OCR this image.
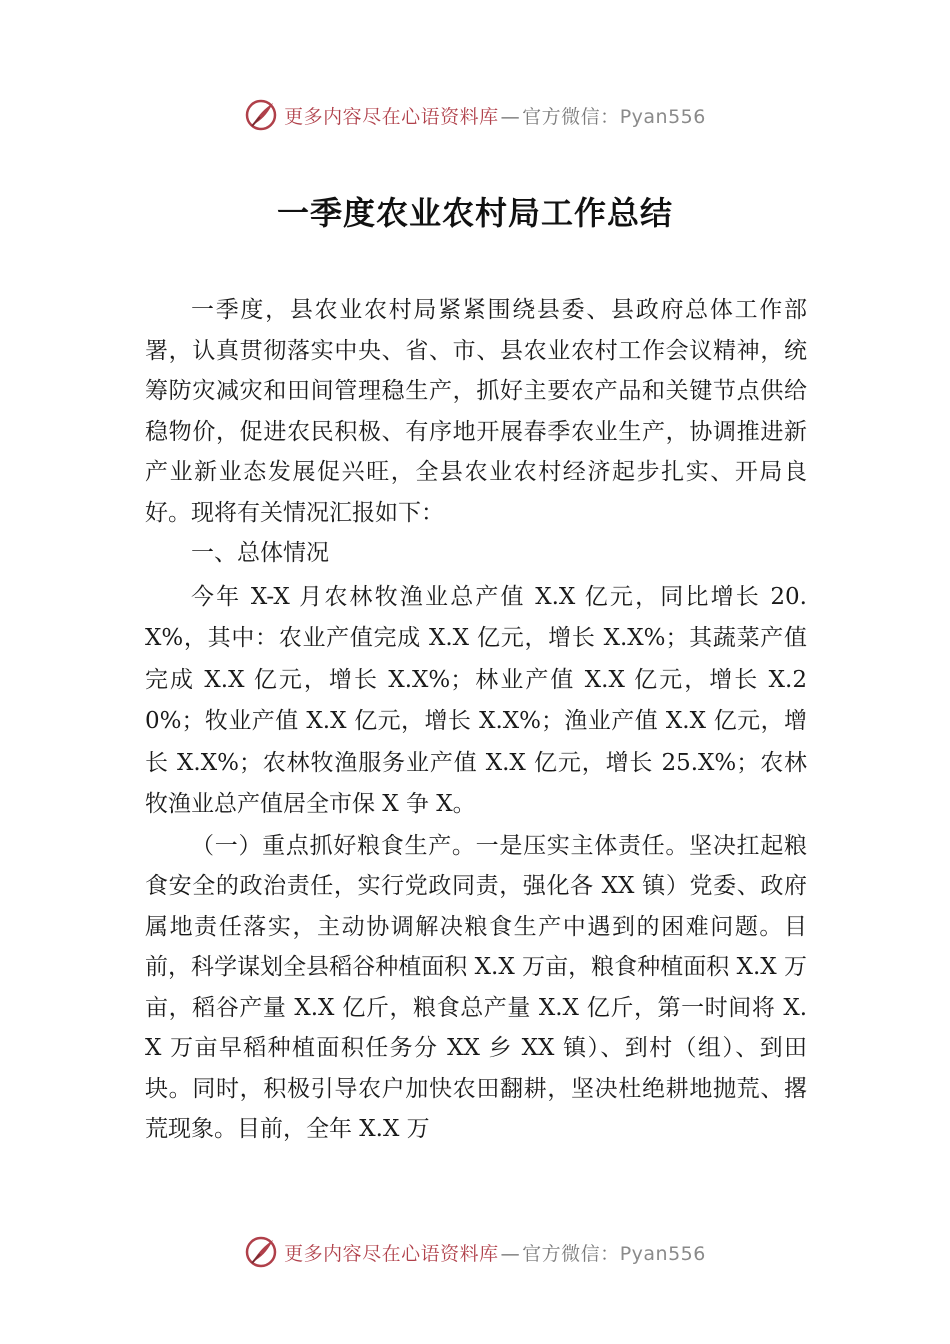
更多内容尽在心语资料库 — 官方微信：Pyan556
一季度农业农村局工作总结

一季度，县农业农村局紧紧围绕县委、县政府总体工作部署，认真贯彻落实中央、省、市、县农业农村工作会议精神，统筹防灾减灾和田间管理稳生产，抓好主要农产品和关键节点供给稳物价，促进农民积极、有序地开展春季农业生产，协调推进新产业新业态发展促兴旺，全县农业农村经济起步扎实、开局良好。现将有关情况汇报如下：

一、总体情况

今年 X-X 月农林牧渔业总产值 X.X 亿元，同比增长 20.X%，其中：农业产值完成 X.X 亿元，增长 X.X%；其蔬菜产值完成 X.X 亿元，增长 X.X%；林业产值 X.X 亿元，增长 X.20%；牧业产值 X.X 亿元，增长 X.X%；渔业产值 X.X 亿元，增长 X.X%；农林牧渔服务业产值 X.X 亿元，增长 25.X%；农林牧渔业总产值居全市保 X 争 X。

（一）重点抓好粮食生产。一是压实主体责任。坚决扛起粮食安全的政治责任，实行党政同责，强化各 XX 镇）党委、政府属地责任落实，主动协调解决粮食生产中遇到的困难问题。目前，科学谋划全县稻谷种植面积 X.X 万亩，粮食种植面积 X.X 万亩，稻谷产量 X.X 亿斤，粮食总产量 X.X 亿斤，第一时间将 X.X 万亩早稻种植面积任务分 XX 乡 XX 镇）、到村（组）、到田块。同时，积极引导农户加快农田翻耕，坚决杜绝耕地抛荒、撂荒现象。目前，全年 X.X 万

更多内容尽在心语资料库 — 官方微信：Pyan556
